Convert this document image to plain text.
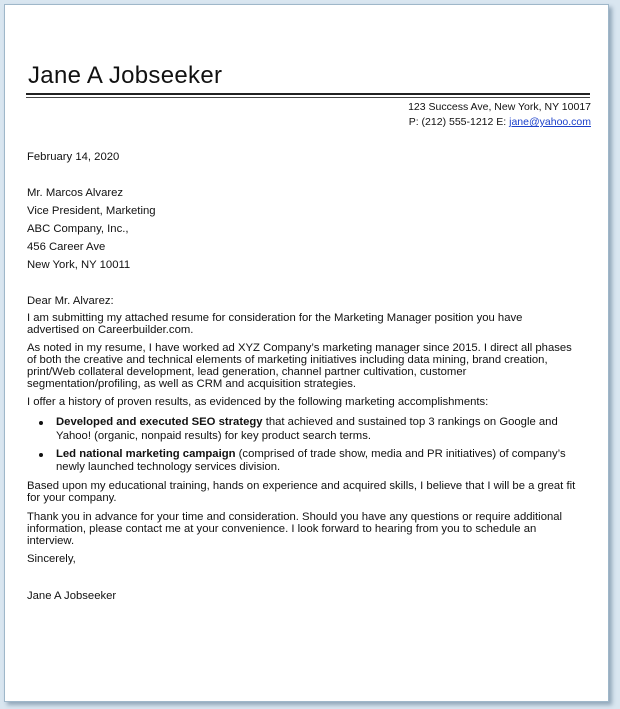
Jane A Jobseeker
123 Success Ave, New York, NY 10017
P: (212) 555-1212 E: jane@yahoo.com
February 14, 2020
Mr. Marcos Alvarez
Vice President, Marketing
ABC Company, Inc.,
456 Career Ave
New York, NY 10011
Dear Mr. Alvarez:
I am submitting my attached resume for consideration for the Marketing Manager position you have
advertised on Careerbuilder.com.
As noted in my resume, I have worked ad XYZ Company’s marketing manager since 2015. I direct all phases
of both the creative and technical elements of marketing initiatives including data mining, brand creation,
print/Web collateral development, lead generation, channel partner cultivation, customer
segmentation/profiling, as well as CRM and acquisition strategies.
I offer a history of proven results, as evidenced by the following marketing accomplishments:
Developed and executed SEO strategy that achieved and sustained top 3 rankings on Google and
Yahoo! (organic, nonpaid results) for key product search terms.
Led national marketing campaign (comprised of trade show, media and PR initiatives) of company’s
newly launched technology services division.
Based upon my educational training, hands on experience and acquired skills, I believe that I will be a great fit
for your company.
Thank you in advance for your time and consideration. Should you have any questions or require additional
information, please contact me at your convenience. I look forward to hearing from you to schedule an
interview.
Sincerely,
Jane A Jobseeker
